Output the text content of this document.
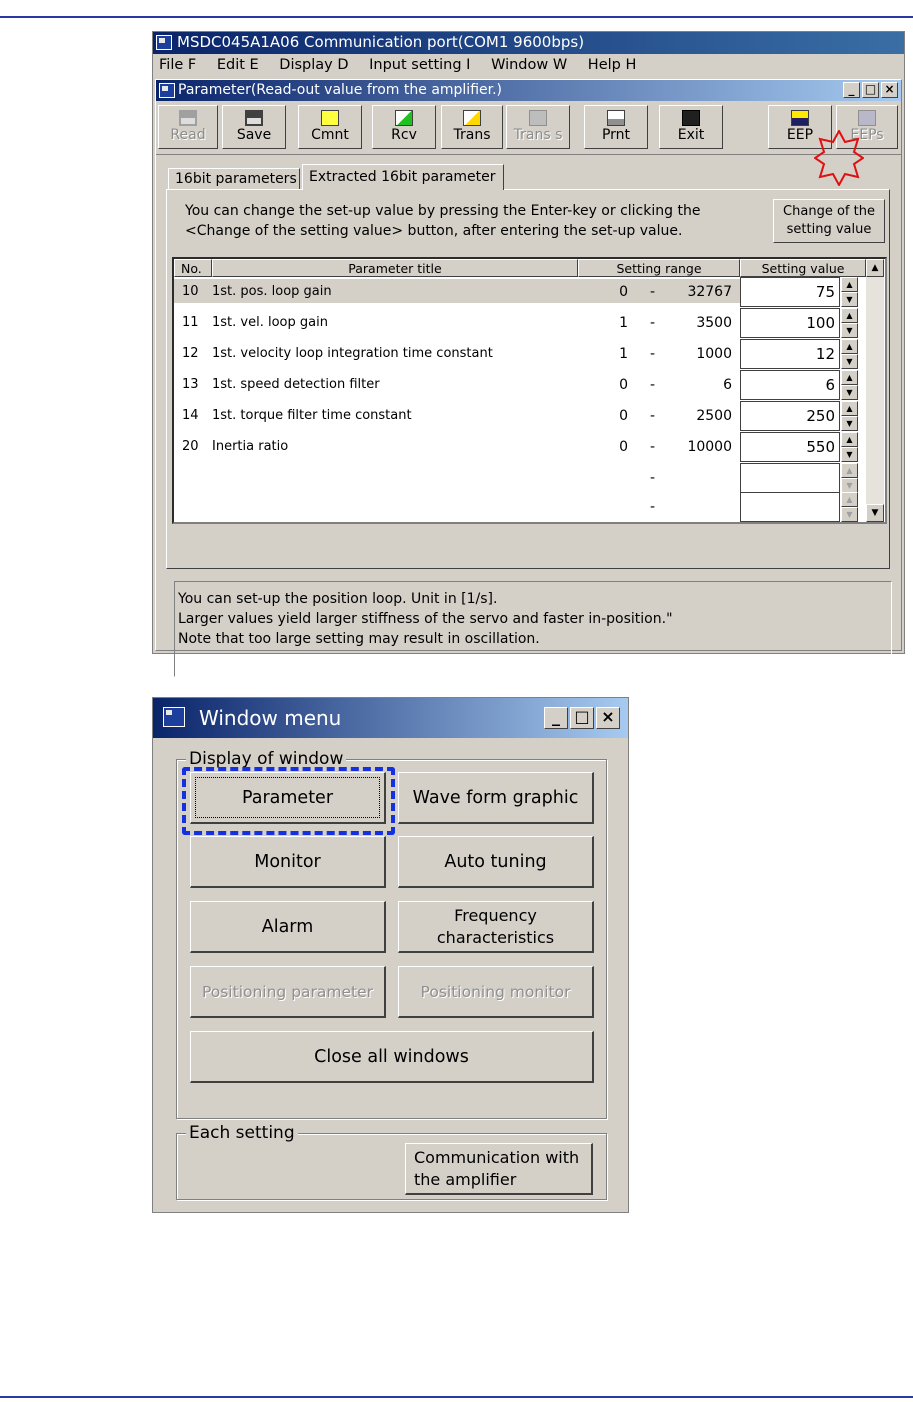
MSDC045A1A06 Communication port(COM1 9600bps)
File F Edit E Display D Input setting I Window W Help H
Parameter(Read-out value from the amplifier.)	_ □ ×
Read	Save	Cmnt	Rcv	Trans	Trans s	Prnt	Exit	EEP	EEPs
16bit parameters Extracted 16bit parameter
You can change the set-up value by pressing the Enter-key or clicking the
<Change of the setting value> button, after entering the set-up value.
Change of the
setting value
No.	Parameter title	Setting range	Setting value
10 1st. pos. loop gain	0 -	32767	75	▲
▼
11 1st. vel. loop gain	1 -	3500	100	▲
▼
12 1st. velocity loop integration time constant	1 -	1000	12	▲
▼
13 1st. speed detection filter	0 -	6	6	▲
▼
14 1st. torque filter time constant	0 -	2500	250	▲
▼
20 Inertia ratio	0 -	10000	550	▲
▼
-	▲
▼
-	▲
▼
▲
▼
You can set-up the position loop. Unit in [1/s].
Larger values yield larger stiffness of the servo and faster in-position."
Note that too large setting may result in oscillation.
Window menu	_ □ ×
Display of window
Parameter	Wave form graphic
Monitor	Auto tuning
Alarm
Frequency
characteristics
Positioning parameter	Positioning monitor
Close all windows
Each setting
Communication with
the amplifier
